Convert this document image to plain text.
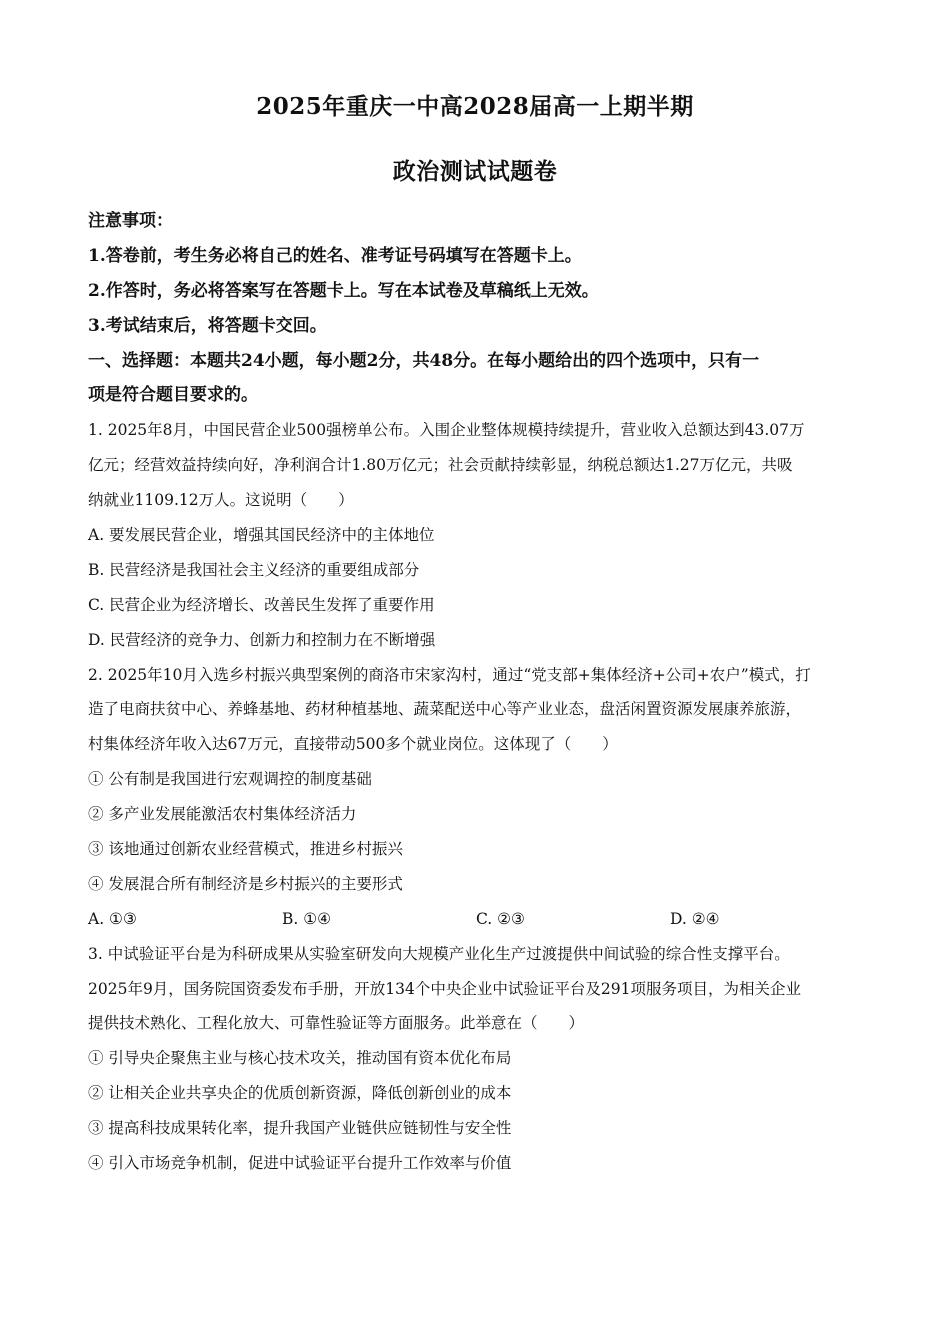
2025年重庆一中高2028届高一上期半期
政治测试试题卷
注意事项：
1.答卷前，考生务必将自己的姓名、准考证号码填写在答题卡上。
2.作答时，务必将答案写在答题卡上。写在本试卷及草稿纸上无效。
3.考试结束后，将答题卡交回。
一、选择题：本题共24小题，每小题2分，共48分。在每小题给出的四个选项中，只有一
项是符合题目要求的。
1. 2025年8月，中国民营企业500强榜单公布。入围企业整体规模持续提升，营业收入总额达到43.07万
亿元；经营效益持续向好，净利润合计1.80万亿元；社会贡献持续彰显，纳税总额达1.27万亿元，共吸
纳就业1109.12万人。这说明（　　）
A. 要发展民营企业，增强其国民经济中的主体地位
B. 民营经济是我国社会主义经济的重要组成部分
C. 民营企业为经济增长、改善民生发挥了重要作用
D. 民营经济的竞争力、创新力和控制力在不断增强
2. 2025年10月入选乡村振兴典型案例的商洛市宋家沟村，通过“党支部+集体经济+公司+农户”模式，打
造了电商扶贫中心、养蜂基地、药材种植基地、蔬菜配送中心等产业业态，盘活闲置资源发展康养旅游，
村集体经济年收入达67万元，直接带动500多个就业岗位。这体现了（　　）
① 公有制是我国进行宏观调控的制度基础
② 多产业发展能激活农村集体经济活力
③ 该地通过创新农业经营模式，推进乡村振兴
④ 发展混合所有制经济是乡村振兴的主要形式
A. ①③	B. ①④	C. ②③	D. ②④
3. 中试验证平台是为科研成果从实验室研发向大规模产业化生产过渡提供中间试验的综合性支撑平台。
2025年9月，国务院国资委发布手册，开放134个中央企业中试验证平台及291项服务项目，为相关企业
提供技术熟化、工程化放大、可靠性验证等方面服务。此举意在（　　）
① 引导央企聚焦主业与核心技术攻关，推动国有资本优化布局
② 让相关企业共享央企的优质创新资源，降低创新创业的成本
③ 提高科技成果转化率，提升我国产业链供应链韧性与安全性
④ 引入市场竞争机制，促进中试验证平台提升工作效率与价值
